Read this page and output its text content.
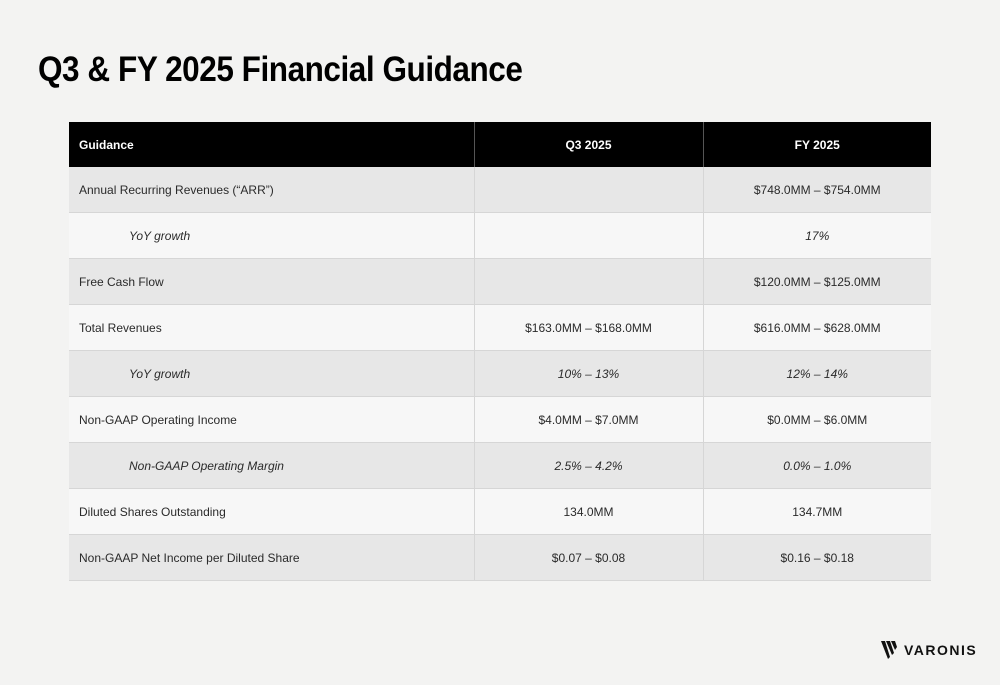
Q3 & FY 2025 Financial Guidance
Guidance	Q3 2025	FY 2025
Annual Recurring Revenues (“ARR”)		$748.0MM – $754.0MM
YoY growth		17%
Free Cash Flow		$120.0MM – $125.0MM
Total Revenues	$163.0MM – $168.0MM	$616.0MM – $628.0MM
YoY growth	10% – 13%	12% – 14%
Non-GAAP Operating Income	$4.0MM – $7.0MM	$0.0MM – $6.0MM
Non-GAAP Operating Margin	2.5% – 4.2%	0.0% – 1.0%
Diluted Shares Outstanding	134.0MM	134.7MM
Non-GAAP Net Income per Diluted Share	$0.07 – $0.08	$0.16 – $0.18
VARONIS
